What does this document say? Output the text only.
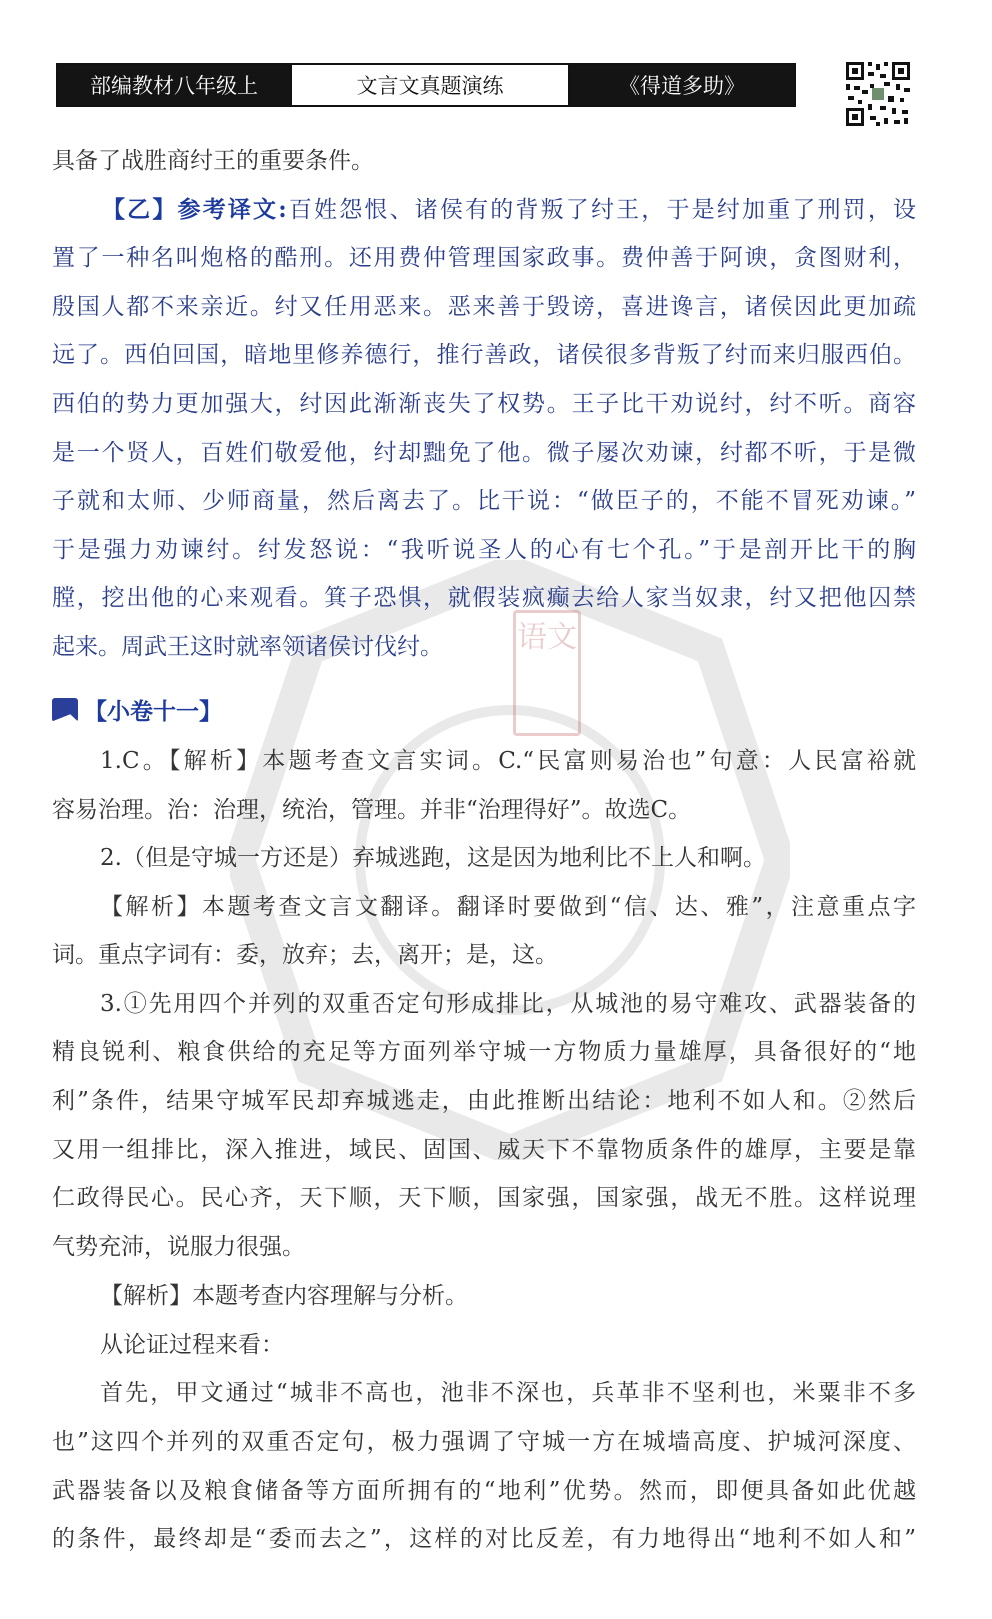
部编教材八年级上	文言文真题演练	《得道多助》
语文

具备了战胜商纣王的重要条件。

【乙】参考译文:百姓怨恨、诸侯有的背叛了纣王，于是纣加重了刑罚，设

置了一种名叫炮格的酷刑。还用费仲管理国家政事。费仲善于阿谀，贪图财利，

殷国人都不来亲近。纣又任用恶来。恶来善于毁谤，喜进谗言，诸侯因此更加疏

远了。西伯回国，暗地里修养德行，推行善政，诸侯很多背叛了纣而来归服西伯。

西伯的势力更加强大，纣因此渐渐丧失了权势。王子比干劝说纣，纣不听。商容

是一个贤人，百姓们敬爱他，纣却黜免了他。微子屡次劝谏，纣都不听，于是微

子就和太师、少师商量，然后离去了。比干说：“做臣子的，不能不冒死劝谏。”

于是强力劝谏纣。纣发怒说：“我听说圣人的心有七个孔。”于是剖开比干的胸

膛，挖出他的心来观看。箕子恐惧，就假装疯癫去给人家当奴隶，纣又把他囚禁

起来。周武王这时就率领诸侯讨伐纣。

【小卷十一】

1.C。【解析】本题考查文言实词。C.“民富则易治也”句意：人民富裕就

容易治理。治：治理，统治，管理。并非“治理得好”。故选C。

2.（但是守城一方还是）弃城逃跑，这是因为地利比不上人和啊。

【解析】本题考查文言文翻译。翻译时要做到“信、达、雅”，注意重点字

词。重点字词有：委，放弃；去，离开；是，这。

3.①先用四个并列的双重否定句形成排比，从城池的易守难攻、武器装备的

精良锐利、粮食供给的充足等方面列举守城一方物质力量雄厚，具备很好的“地

利”条件，结果守城军民却弃城逃走，由此推断出结论：地利不如人和。②然后

又用一组排比，深入推进，域民、固国、威天下不靠物质条件的雄厚，主要是靠

仁政得民心。民心齐，天下顺，天下顺，国家强，国家强，战无不胜。这样说理

气势充沛，说服力很强。

【解析】本题考查内容理解与分析。

从论证过程来看：

首先，甲文通过“城非不高也，池非不深也，兵革非不坚利也，米粟非不多

也”这四个并列的双重否定句，极力强调了守城一方在城墙高度、护城河深度、

武器装备以及粮食储备等方面所拥有的“地利”优势。然而，即便具备如此优越

的条件，最终却是“委而去之”，这样的对比反差，有力地得出“地利不如人和”
